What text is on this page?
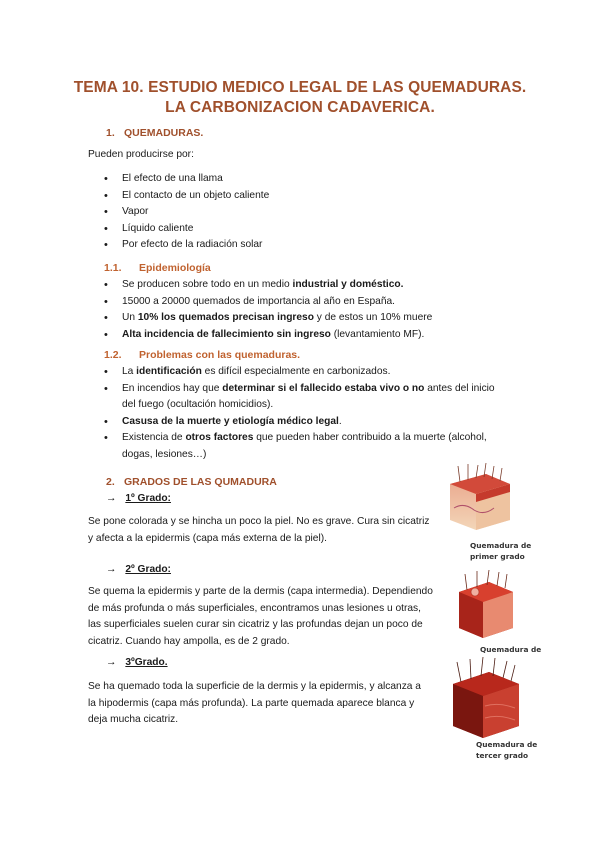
TEMA 10. ESTUDIO MEDICO LEGAL DE LAS QUEMADURAS.
LA CARBONIZACION CADAVERICA.
1. QUEMADURAS.
Pueden producirse por:
• El efecto de una llama
• El contacto de un objeto caliente
• Vapor
• Líquido caliente
• Por efecto de la radiación solar
1.1. Epidemiología
• Se producen sobre todo en un medio industrial y doméstico.
• 15000 a 20000 quemados de importancia al año en España.
• Un 10% los quemados precisan ingreso y de estos un 10% muere
• Alta incidencia de fallecimiento sin ingreso (levantamiento MF).
1.2. Problemas con las quemaduras.
• La identificación es difícil especialmente en carbonizados.
• En incendios hay que determinar si el fallecido estaba vivo o no antes del inicio
del fuego (ocultación homicidios).
• Casusa de la muerte y etiología médico legal.
• Existencia de otros factores que pueden haber contribuido a la muerte (alcohol,
dogas, lesiones…)
2. GRADOS DE LAS QUMADURA
→ 1º Grado:
Se pone colorada y se hincha un poco la piel. No es grave. Cura sin cicatriz
y afecta a la epidermis (capa más externa de la piel).
→ 2º Grado:
Se quema la epidermis y parte de la dermis (capa intermedia). Dependiendo
de más profunda o más superficiales, encontramos unas lesiones u otras,
las superficiales suelen curar sin cicatriz y las profundas dejan un poco de
cicatriz. Cuando hay ampolla, es de 2 grado.
→ 3ºGrado.
Se ha quemado toda la superficie de la dermis y la epidermis, y alcanza a
la hipodermis (capa más profunda). La parte quemada aparece blanca y
deja mucha cicatriz.
Quemadura de
primer grado
Quemadura de
Quemadura de
tercer grado
